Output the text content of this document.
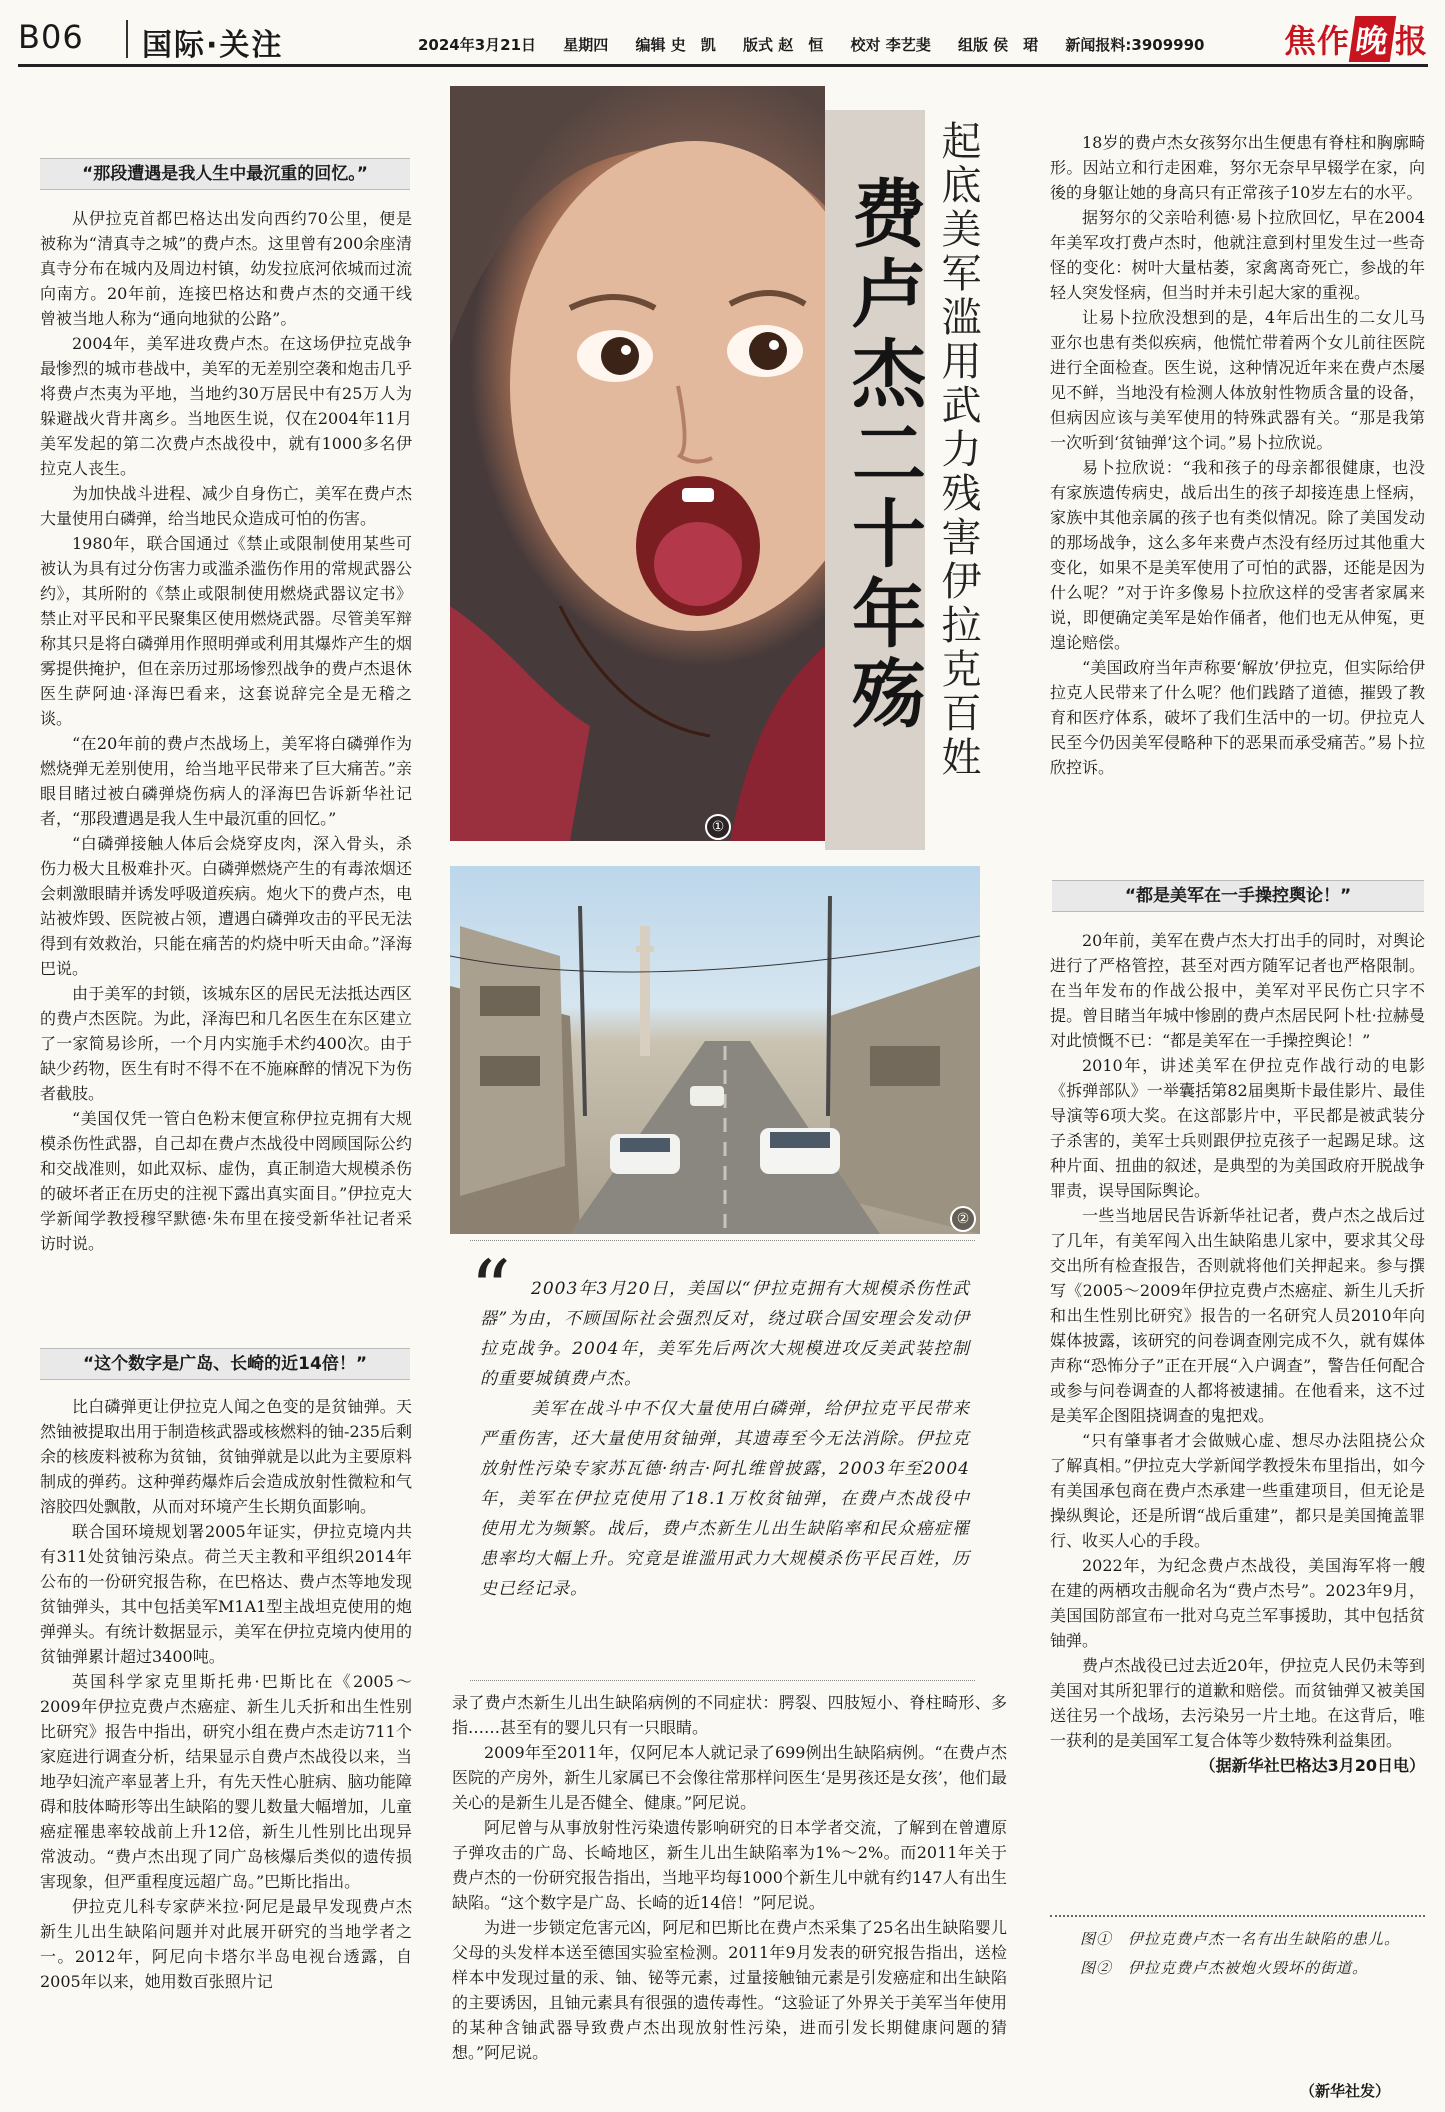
B06 国际·关注	2024年3月21日 星期四 编辑 史　凯 版式 赵　恒 校对 李艺斐 组版 侯　珺 新闻报料:3909990	焦作晚 报
“那段遭遇是我人生中最沉重的回忆。”

从伊拉克首都巴格达出发向西约70公里，便是被称为“清真寺之城”的费卢杰。这里曾有200余座清真寺分布在城内及周边村镇，幼发拉底河依城而过流向南方。20年前，连接巴格达和费卢杰的交通干线曾被当地人称为“通向地狱的公路”。

2004年，美军进攻费卢杰。在这场伊拉克战争最惨烈的城市巷战中，美军的无差别空袭和炮击几乎将费卢杰夷为平地，当地约30万居民中有25万人为躲避战火背井离乡。当地医生说，仅在2004年11月美军发起的第二次费卢杰战役中，就有1000多名伊拉克人丧生。

为加快战斗进程、减少自身伤亡，美军在费卢杰大量使用白磷弹，给当地民众造成可怕的伤害。

1980年，联合国通过《禁止或限制使用某些可被认为具有过分伤害力或滥杀滥伤作用的常规武器公约》，其所附的《禁止或限制使用燃烧武器议定书》禁止对平民和平民聚集区使用燃烧武器。尽管美军辩称其只是将白磷弹用作照明弹或利用其爆炸产生的烟雾提供掩护，但在亲历过那场惨烈战争的费卢杰退休医生萨阿迪·泽海巴看来，这套说辞完全是无稽之谈。

“在20年前的费卢杰战场上，美军将白磷弹作为燃烧弹无差别使用，给当地平民带来了巨大痛苦。”亲眼目睹过被白磷弹烧伤病人的泽海巴告诉新华社记者，“那段遭遇是我人生中最沉重的回忆。”

“白磷弹接触人体后会烧穿皮肉，深入骨头，杀伤力极大且极难扑灭。白磷弹燃烧产生的有毒浓烟还会刺激眼睛并诱发呼吸道疾病。炮火下的费卢杰，电站被炸毁、医院被占领，遭遇白磷弹攻击的平民无法得到有效救治，只能在痛苦的灼烧中听天由命。”泽海巴说。

由于美军的封锁，该城东区的居民无法抵达西区的费卢杰医院。为此，泽海巴和几名医生在东区建立了一家简易诊所，一个月内实施手术约400次。由于缺少药物，医生有时不得不在不施麻醉的情况下为伤者截肢。

“美国仅凭一管白色粉末便宣称伊拉克拥有大规模杀伤性武器，自己却在费卢杰战役中罔顾国际公约和交战准则，如此双标、虚伪，真正制造大规模杀伤的破坏者正在历史的注视下露出真实面目。”伊拉克大学新闻学教授穆罕默德·朱布里在接受新华社记者采访时说。

“这个数字是广岛、长崎的近14倍！”

比白磷弹更让伊拉克人闻之色变的是贫铀弹。天然铀被提取出用于制造核武器或核燃料的铀-235后剩余的核废料被称为贫铀，贫铀弹就是以此为主要原料制成的弹药。这种弹药爆炸后会造成放射性微粒和气溶胶四处飘散，从而对环境产生长期负面影响。

联合国环境规划署2005年证实，伊拉克境内共有311处贫铀污染点。荷兰天主教和平组织2014年公布的一份研究报告称，在巴格达、费卢杰等地发现贫铀弹头，其中包括美军M1A1型主战坦克使用的炮弹弹头。有统计数据显示，美军在伊拉克境内使用的贫铀弹累计超过3400吨。

英国科学家克里斯托弗·巴斯比在《2005～2009年伊拉克费卢杰癌症、新生儿夭折和出生性别比研究》报告中指出，研究小组在费卢杰走访711个家庭进行调查分析，结果显示自费卢杰战役以来，当地孕妇流产率显著上升，有先天性心脏病、脑功能障碍和肢体畸形等出生缺陷的婴儿数量大幅增加，儿童癌症罹患率较战前上升12倍，新生儿性别比出现异常波动。“费卢杰出现了同广岛核爆后类似的遗传损害现象，但严重程度远超广岛。”巴斯比指出。

伊拉克儿科专家萨米拉·阿尼是最早发现费卢杰新生儿出生缺陷问题并对此展开研究的当地学者之一。2012年，阿尼向卡塔尔半岛电视台透露，自2005年以来，她用数百张照片记

①
费卢杰二十年殇 起底美军滥用武力残害伊拉克百姓
②
“	2003年3月20日，美国以“伊拉克拥有大规模杀伤性武器”为由，不顾国际社会强烈反对，绕过联合国安理会发动伊拉克战争。2004年，美军先后两次大规模进攻反美武装控制的重要城镇费卢杰。

美军在战斗中不仅大量使用白磷弹，给伊拉克平民带来严重伤害，还大量使用贫铀弹，其遗毒至今无法消除。伊拉克放射性污染专家苏瓦德·纳吉·阿扎维曾披露，2003年至2004年，美军在伊拉克使用了18.1万枚贫铀弹，在费卢杰战役中使用尤为频繁。战后，费卢杰新生儿出生缺陷率和民众癌症罹患率均大幅上升。究竟是谁滥用武力大规模杀伤平民百姓，历史已经记录。

录了费卢杰新生儿出生缺陷病例的不同症状：腭裂、四肢短小、脊柱畸形、多指……甚至有的婴儿只有一只眼睛。

2009年至2011年，仅阿尼本人就记录了699例出生缺陷病例。“在费卢杰医院的产房外，新生儿家属已不会像往常那样问医生‘是男孩还是女孩’，他们最关心的是新生儿是否健全、健康。”阿尼说。

阿尼曾与从事放射性污染遗传影响研究的日本学者交流，了解到在曾遭原子弹攻击的广岛、长崎地区，新生儿出生缺陷率为1%～2%。而2011年关于费卢杰的一份研究报告指出，当地平均每1000个新生儿中就有约147人有出生缺陷。“这个数字是广岛、长崎的近14倍！”阿尼说。

为进一步锁定危害元凶，阿尼和巴斯比在费卢杰采集了25名出生缺陷婴儿父母的头发样本送至德国实验室检测。2011年9月发表的研究报告指出，送检样本中发现过量的汞、铀、铋等元素，过量接触铀元素是引发癌症和出生缺陷的主要诱因，且铀元素具有很强的遗传毒性。“这验证了外界关于美军当年使用的某种含铀武器导致费卢杰出现放射性污染，进而引发长期健康问题的猜想。”阿尼说。

18岁的费卢杰女孩努尔出生便患有脊柱和胸廓畸形。因站立和行走困难，努尔无奈早早辍学在家，向後的身躯让她的身高只有正常孩子10岁左右的水平。

据努尔的父亲哈利德·易卜拉欣回忆，早在2004年美军攻打费卢杰时，他就注意到村里发生过一些奇怪的变化：树叶大量枯萎，家禽离奇死亡，参战的年轻人突发怪病，但当时并未引起大家的重视。

让易卜拉欣没想到的是，4年后出生的二女儿马亚尔也患有类似疾病，他慌忙带着两个女儿前往医院进行全面检查。医生说，这种情况近年来在费卢杰屡见不鲜，当地没有检测人体放射性物质含量的设备，但病因应该与美军使用的特殊武器有关。“那是我第一次听到‘贫铀弹’这个词。”易卜拉欣说。

易卜拉欣说：“我和孩子的母亲都很健康，也没有家族遗传病史，战后出生的孩子却接连患上怪病，家族中其他亲属的孩子也有类似情况。除了美国发动的那场战争，这么多年来费卢杰没有经历过其他重大变化，如果不是美军使用了可怕的武器，还能是因为什么呢？”对于许多像易卜拉欣这样的受害者家属来说，即便确定美军是始作俑者，他们也无从伸冤，更遑论赔偿。

“美国政府当年声称要‘解放’伊拉克，但实际给伊拉克人民带来了什么呢？他们践踏了道德，摧毁了教育和医疗体系，破坏了我们生活中的一切。伊拉克人民至今仍因美军侵略种下的恶果而承受痛苦。”易卜拉欣控诉。

“都是美军在一手操控舆论！”

20年前，美军在费卢杰大打出手的同时，对舆论进行了严格管控，甚至对西方随军记者也严格限制。在当年发布的作战公报中，美军对平民伤亡只字不提。曾目睹当年城中惨剧的费卢杰居民阿卜杜·拉赫曼对此愤慨不已：“都是美军在一手操控舆论！”

2010年，讲述美军在伊拉克作战行动的电影《拆弹部队》一举囊括第82届奥斯卡最佳影片、最佳导演等6项大奖。在这部影片中，平民都是被武装分子杀害的，美军士兵则跟伊拉克孩子一起踢足球。这种片面、扭曲的叙述，是典型的为美国政府开脱战争罪责，误导国际舆论。

一些当地居民告诉新华社记者，费卢杰之战后过了几年，有美军闯入出生缺陷患儿家中，要求其父母交出所有检查报告，否则就将他们关押起来。参与撰写《2005～2009年伊拉克费卢杰癌症、新生儿夭折和出生性别比研究》报告的一名研究人员2010年向媒体披露，该研究的问卷调查刚完成不久，就有媒体声称“恐怖分子”正在开展“入户调查”，警告任何配合或参与问卷调查的人都将被逮捕。在他看来，这不过是美军企图阻挠调查的鬼把戏。

“只有肇事者才会做贼心虚、想尽办法阻挠公众了解真相。”伊拉克大学新闻学教授朱布里指出，如今有美国承包商在费卢杰承建一些重建项目，但无论是操纵舆论，还是所谓“战后重建”，都只是美国掩盖罪行、收买人心的手段。

2022年，为纪念费卢杰战役，美国海军将一艘在建的两栖攻击舰命名为“费卢杰号”。2023年9月，美国国防部宣布一批对乌克兰军事援助，其中包括贫铀弹。

费卢杰战役已过去近20年，伊拉克人民仍未等到美国对其所犯罪行的道歉和赔偿。而贫铀弹又被美国送往另一个战场，去污染另一片土地。在这背后，唯一获利的是美国军工复合体等少数特殊利益集团。

（据新华社巴格达3月20日电）

图①　伊拉克费卢杰一名有出生缺陷的患儿。

图②　伊拉克费卢杰被炮火毁坏的街道。

（新华社发）
